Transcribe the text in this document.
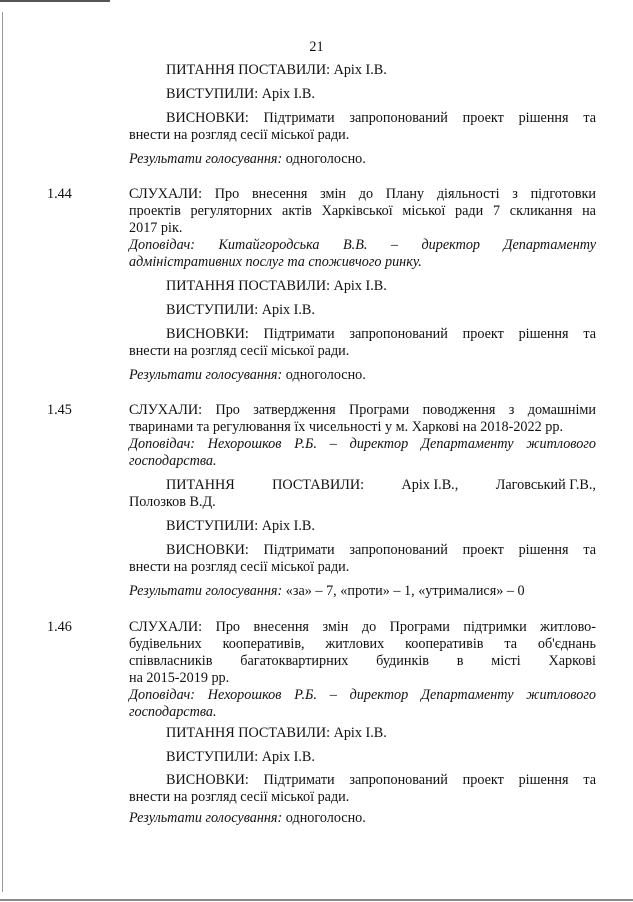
21
ПИТАННЯ ПОСТАВИЛИ: Аріх І.В.
ВИСТУПИЛИ: Аріх І.В.
ВИСНОВКИ: Підтримати запропонований проект рішення та
внести на розгляд сесії міської ради.
Результати голосування: одноголосно.
1.44	СЛУХАЛИ: Про внесення змін до Плану діяльності з підготовки
проектів регуляторних актів Харківської міської ради 7 скликання на
2017 рік.
Доповідач: Китайгородська В.В. – директор Департаменту
адміністративних послуг та споживчого ринку.
ПИТАННЯ ПОСТАВИЛИ: Аріх І.В.
ВИСТУПИЛИ: Аріх І.В.
ВИСНОВКИ: Підтримати запропонований проект рішення та
внести на розгляд сесії міської ради.
Результати голосування: одноголосно.
1.45	СЛУХАЛИ: Про затвердження Програми поводження з домашніми
тваринами та регулювання їх чисельності у м. Харкові на 2018-2022 рр.
Доповідач: Нехорошков Р.Б. – директор Департаменту житлового
господарства.
ПИТАННЯ	ПОСТАВИЛИ:	Аріх І.В.,	Лаговський Г.В.,
Полозков В.Д.
ВИСТУПИЛИ: Аріх І.В.
ВИСНОВКИ: Підтримати запропонований проект рішення та
внести на розгляд сесії міської ради.
Результати голосування: «за» – 7, «проти» – 1, «утрималися» – 0
1.46	СЛУХАЛИ: Про внесення змін до Програми підтримки житлово-
будівельних кооперативів, житлових кооперативів та об'єднань
співвласників багатоквартирних будинків в місті Харкові
на 2015-2019 рр.
Доповідач: Нехорошков Р.Б. – директор Департаменту житлового
господарства.
ПИТАННЯ ПОСТАВИЛИ: Аріх І.В.
ВИСТУПИЛИ: Аріх І.В.
ВИСНОВКИ: Підтримати запропонований проект рішення та
внести на розгляд сесії міської ради.
Результати голосування: одноголосно.
